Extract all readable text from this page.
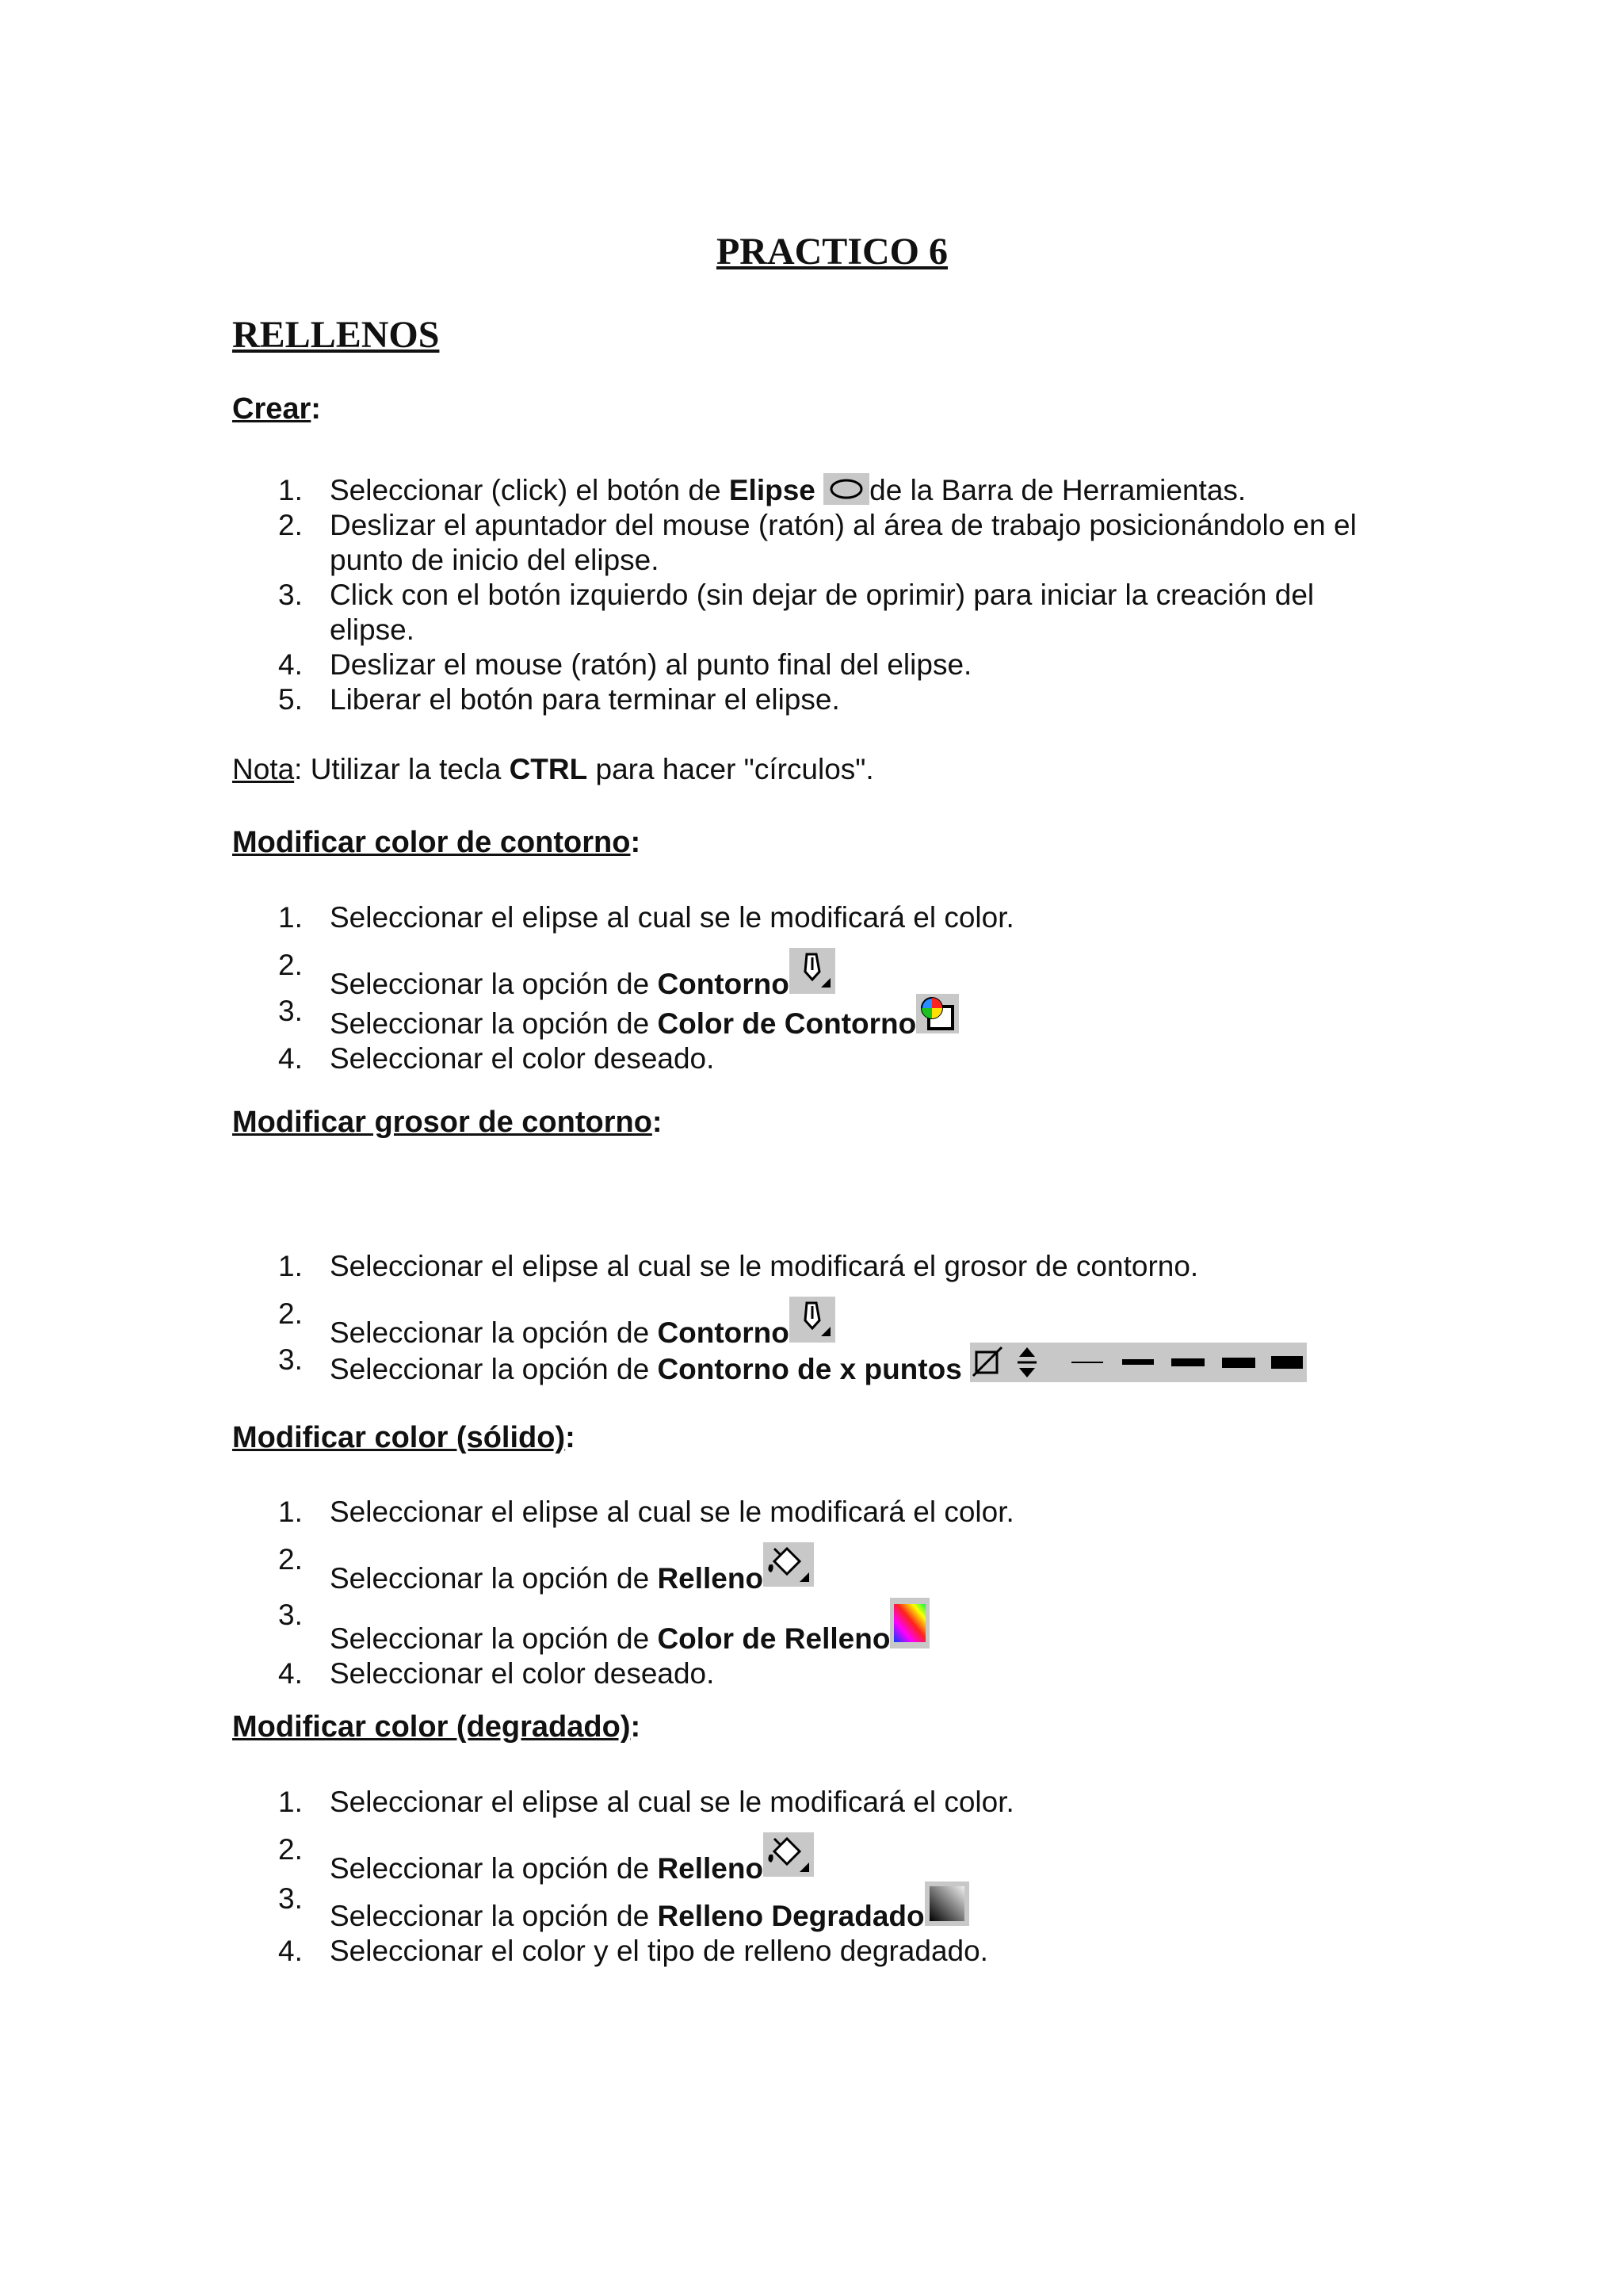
PRACTICO 6
RELLENOS

Crear:

1. Seleccionar (click) el botón de Elipse de la Barra de Herramientas.
2. Deslizar el apuntador del mouse (ratón) al área de trabajo posicionándolo en el punto de inicio del elipse.
3. Click con el botón izquierdo (sin dejar de oprimir) para iniciar la creación del elipse.
4. Deslizar el mouse (ratón) al punto final del elipse.
5. Liberar el botón para terminar el elipse.

Nota: Utilizar la tecla CTRL para hacer "círculos".

Modificar color de contorno:

1. Seleccionar el elipse al cual se le modificará el color.
2.
Seleccionar la opción de Contorno
3. Seleccionar la opción de Color de Contorno
4. Seleccionar el color deseado.

Modificar grosor de contorno:

1. Seleccionar el elipse al cual se le modificará el grosor de contorno.
2.
Seleccionar la opción de Contorno
3. Seleccionar la opción de Contorno de x puntos

Modificar color (sólido):

1. Seleccionar el elipse al cual se le modificará el color.
2.
Seleccionar la opción de Relleno
3.
Seleccionar la opción de Color de Relleno
4. Seleccionar el color deseado.

Modificar color (degradado):

1. Seleccionar el elipse al cual se le modificará el color.
2.
Seleccionar la opción de Relleno
3.
Seleccionar la opción de Relleno Degradado
4. Seleccionar el color y el tipo de relleno degradado.
